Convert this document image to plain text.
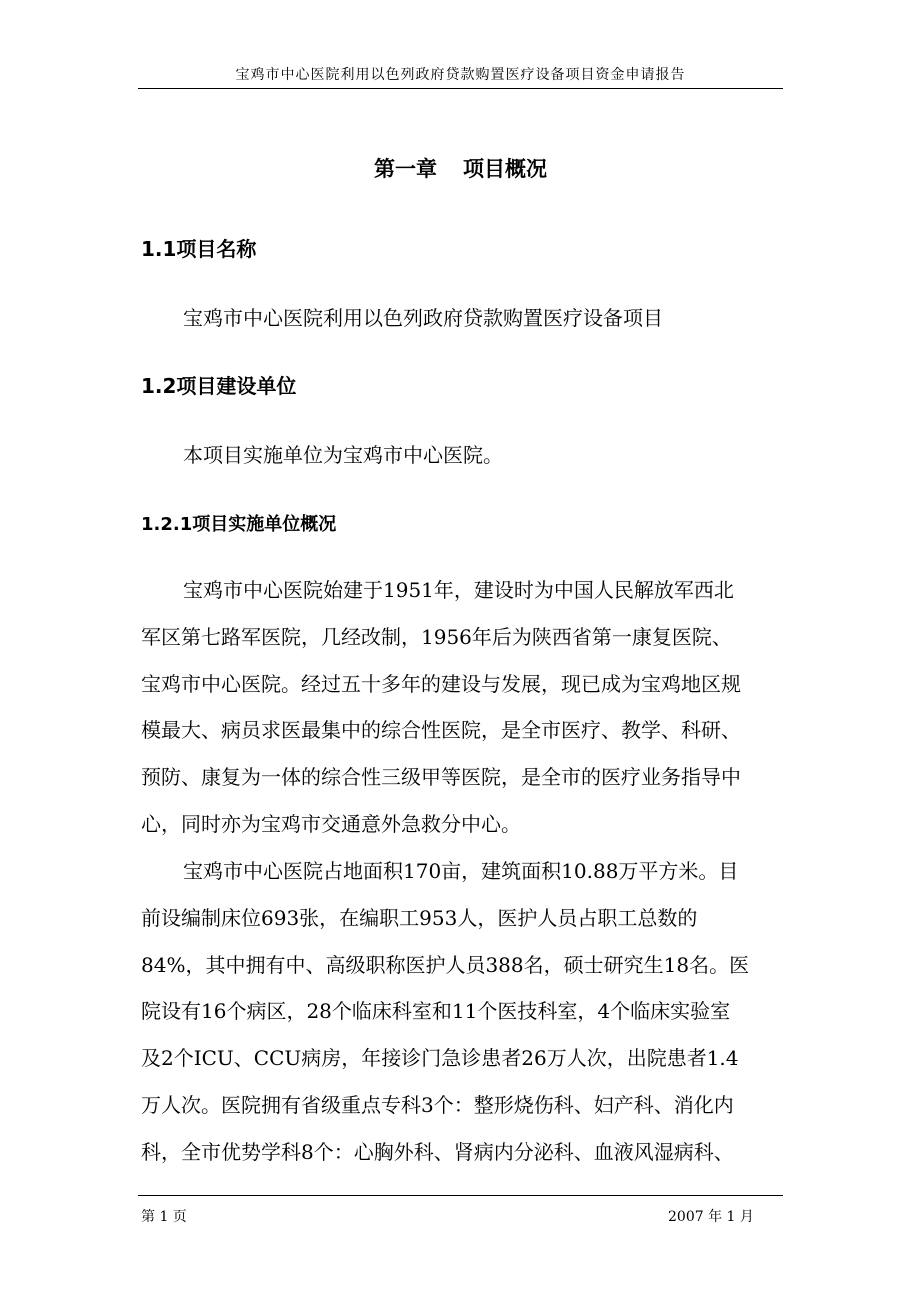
宝鸡市中心医院利用以色列政府贷款购置医疗设备项目资金申请报告
第一章 项目概况
1.1项目名称
宝鸡市中心医院利用以色列政府贷款购置医疗设备项目
1.2项目建设单位
本项目实施单位为宝鸡市中心医院。
1.2.1项目实施单位概况
宝鸡市中心医院始建于1951年，建设时为中国人民解放军西北
军区第七路军医院，几经改制，1956年后为陕西省第一康复医院、
宝鸡市中心医院。经过五十多年的建设与发展，现已成为宝鸡地区规
模最大、病员求医最集中的综合性医院，是全市医疗、教学、科研、
预防、康复为一体的综合性三级甲等医院，是全市的医疗业务指导中
心，同时亦为宝鸡市交通意外急救分中心。
宝鸡市中心医院占地面积170亩，建筑面积10.88万平方米。目
前设编制床位693张，在编职工953人，医护人员占职工总数的
84%，其中拥有中、高级职称医护人员388名，硕士研究生18名。医
院设有16个病区，28个临床科室和11个医技科室，4个临床实验室
及2个ICU、CCU病房，年接诊门急诊患者26万人次，出院患者1.4
万人次。医院拥有省级重点专科3个：整形烧伤科、妇产科、消化内
科，全市优势学科8个：心胸外科、肾病内分泌科、血液风湿病科、
第 1 页	2007 年 1 月
